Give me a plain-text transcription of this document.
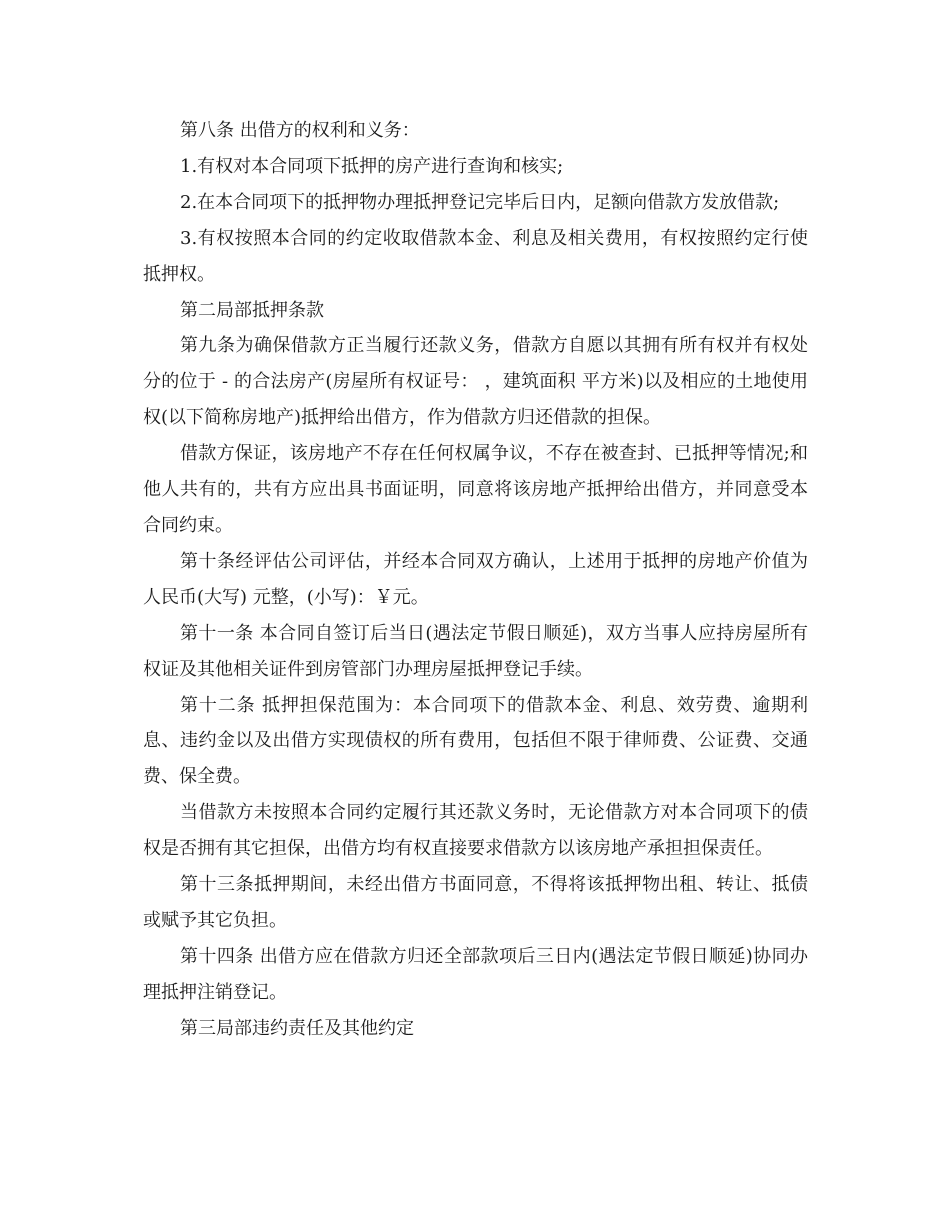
第八条 出借方的权利和义务：

1.有权对本合同项下抵押的房产进行查询和核实;

2.在本合同项下的抵押物办理抵押登记完毕后日内，足额向借款方发放借款;

3.有权按照本合同的约定收取借款本金、利息及相关费用，有权按照约定行使抵押权。

第二局部抵押条款

第九条为确保借款方正当履行还款义务，借款方自愿以其拥有所有权并有权处分的位于 - 的合法房产(房屋所有权证号： ，建筑面积 平方米)以及相应的土地使用权(以下简称房地产)抵押给出借方，作为借款方归还借款的担保。

借款方保证，该房地产不存在任何权属争议，不存在被查封、已抵押等情况;和他人共有的，共有方应出具书面证明，同意将该房地产抵押给出借方，并同意受本合同约束。

第十条经评估公司评估，并经本合同双方确认，上述用于抵押的房地产价值为人民币(大写) 元整，(小写)：￥元。

第十一条 本合同自签订后当日(遇法定节假日顺延)，双方当事人应持房屋所有权证及其他相关证件到房管部门办理房屋抵押登记手续。

第十二条 抵押担保范围为：本合同项下的借款本金、利息、效劳费、逾期利息、违约金以及出借方实现债权的所有费用，包括但不限于律师费、公证费、交通费、保全费。

当借款方未按照本合同约定履行其还款义务时，无论借款方对本合同项下的债权是否拥有其它担保，出借方均有权直接要求借款方以该房地产承担担保责任。

第十三条抵押期间，未经出借方书面同意，不得将该抵押物出租、转让、抵债或赋予其它负担。

第十四条 出借方应在借款方归还全部款项后三日内(遇法定节假日顺延)协同办理抵押注销登记。

第三局部违约责任及其他约定
